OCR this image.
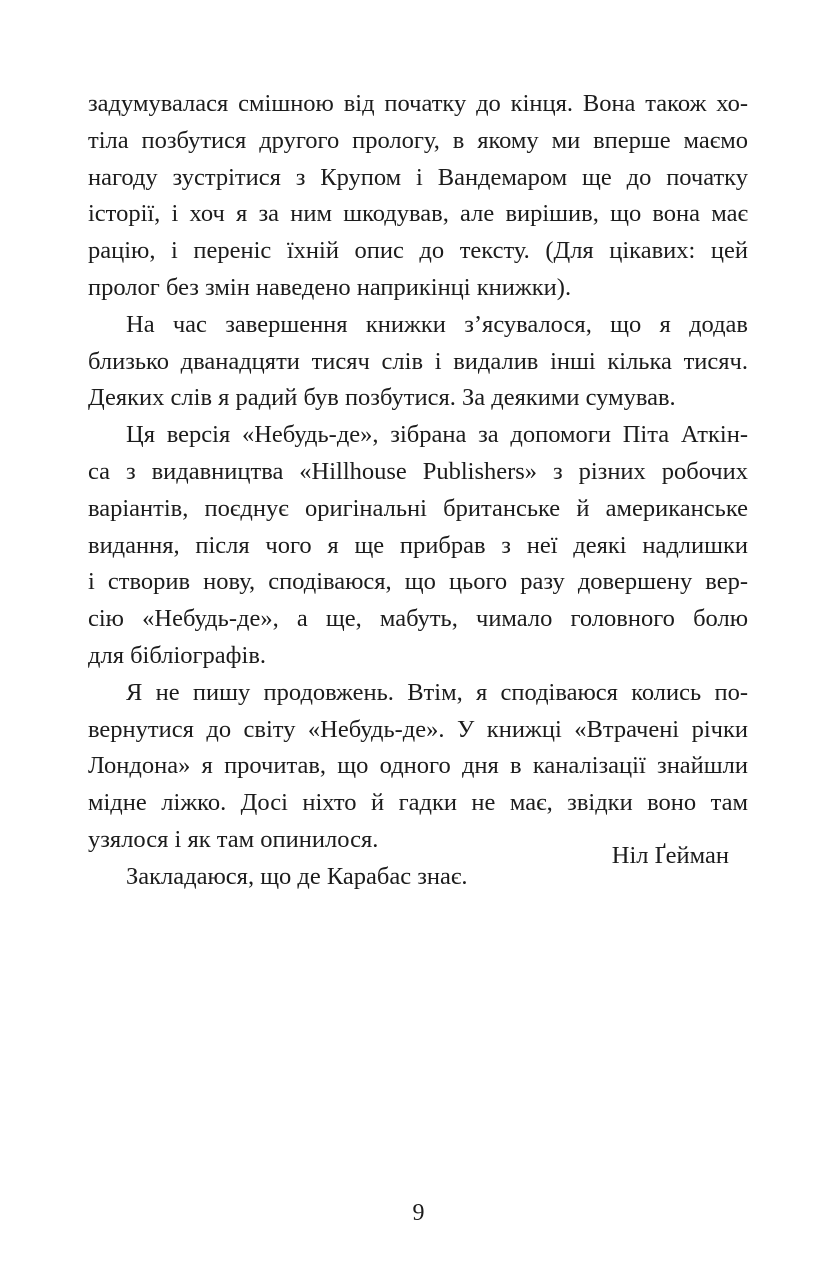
задумувалася смішною від початку до кінця. Вона також хо-
тіла позбутися другого прологу, в якому ми вперше маємо
нагоду зустрітися з Крупом і Вандемаром ще до початку
історії, і хоч я за ним шкодував, але вирішив, що вона має
рацію, і переніс їхній опис до тексту. (Для цікавих: цей
пролог без змін наведено наприкінці книжки).
На час завершення книжки з’ясувалося, що я додав
близько дванадцяти тисяч слів і видалив інші кілька тисяч.
Деяких слів я радий був позбутися. За деякими сумував.
Ця версія «Небудь-де», зібрана за допомоги Піта Аткін-
са з видавництва «Hillhouse Publishers» з різних робочих
варіантів, поєднує оригінальні британське й американське
видання, після чого я ще прибрав з неї деякі надлишки
і створив нову, сподіваюся, що цього разу довершену вер-
сію «Небудь-де», а ще, мабуть, чимало головного болю
для бібліографів.
Я не пишу продовжень. Втім, я сподіваюся колись по-
вернутися до світу «Небудь-де». У книжці «Втрачені річки
Лондона» я прочитав, що одного дня в каналізації знайшли
мідне ліжко. Досі ніхто й гадки не має, звідки воно там
узялося і як там опинилося.
Закладаюся, що де Карабас знає.
Ніл Ґейман
9
